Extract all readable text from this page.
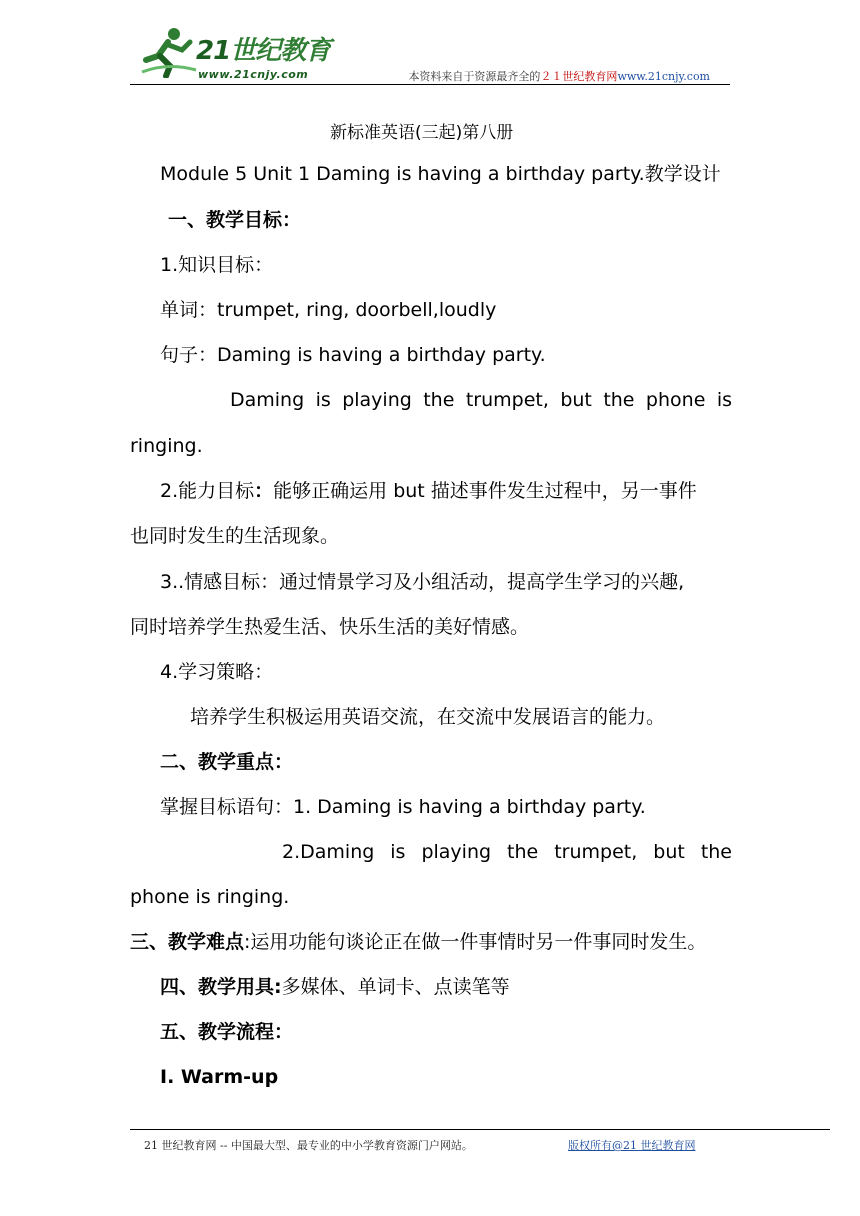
21世纪教育
www.21cnjy.com	本资料来自于资源最齐全的２１世纪教育网www.21cnjy.com
新标准英语(三起)第八册
Module 5 Unit 1 Daming is having a birthday party.教学设计
一、教学目标：
1.知识目标：
单词：trumpet, ring, doorbell,loudly
句子：Daming is having a birthday party.
Daming is playing the trumpet, but the phone is
ringing.
2.能力目标：能够正确运用 but 描述事件发生过程中，另一事件
也同时发生的生活现象。
3..情感目标：通过情景学习及小组活动，提高学生学习的兴趣,
同时培养学生热爱生活、快乐生活的美好情感。
4.学习策略：
培养学生积极运用英语交流，在交流中发展语言的能力。
二、教学重点：
掌握目标语句：1. Daming is having a birthday party.
2.Daming is playing the trumpet, but the
phone is ringing.
三、教学难点:运用功能句谈论正在做一件事情时另一件事同时发生。
四、教学用具:多媒体、单词卡、点读笔等
五、教学流程：
I. Warm-up
21 世纪教育网 -- 中国最大型、最专业的中小学教育资源门户网站。	版权所有@21 世纪教育网
